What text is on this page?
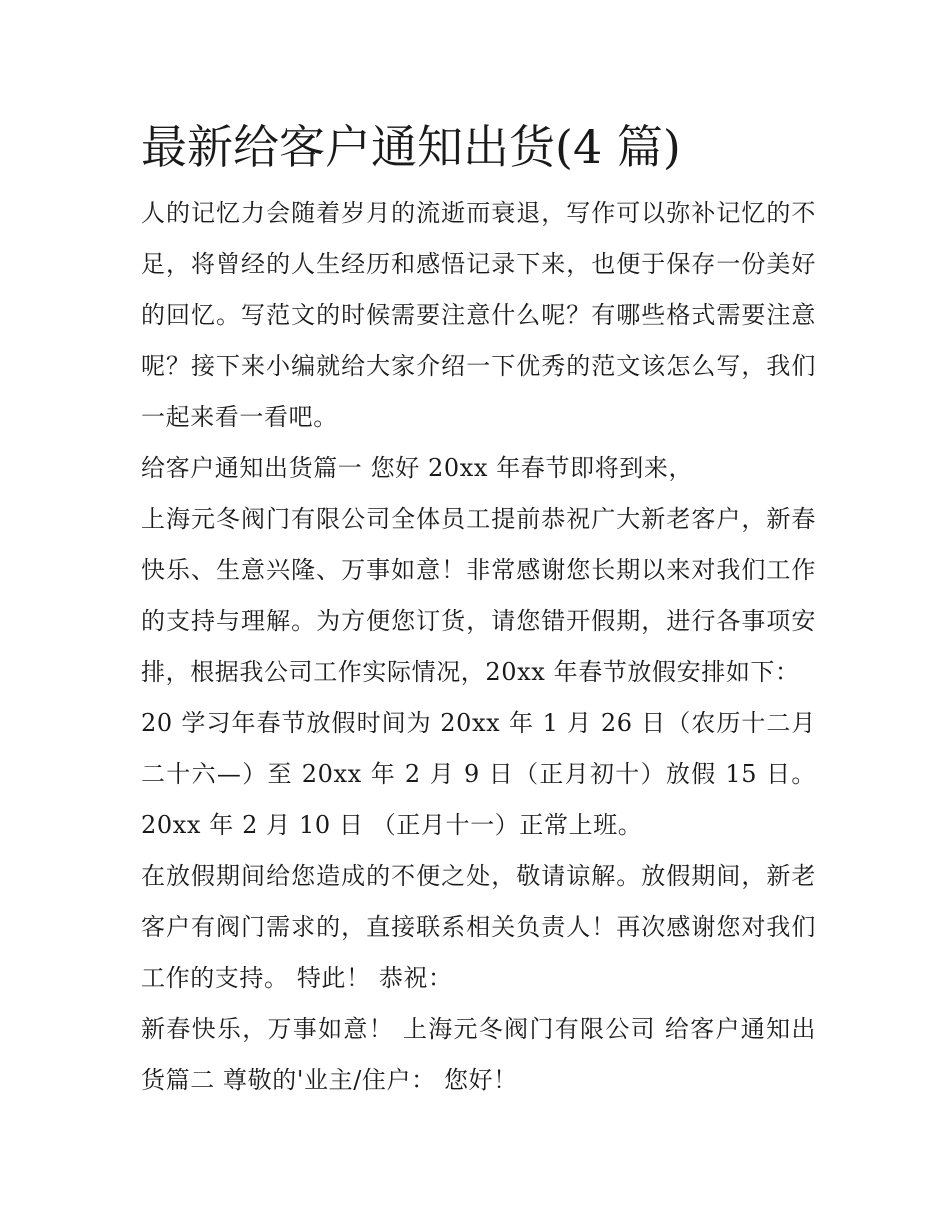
最新给客户通知出货(4 篇)

人的记忆力会随着岁月的流逝而衰退，写作可以弥补记忆的不足，将曾经的人生经历和感悟记录下来，也便于保存一份美好的回忆。写范文的时候需要注意什么呢？有哪些格式需要注意呢？接下来小编就给大家介绍一下优秀的范文该怎么写，我们一起来看一看吧。

给客户通知出货篇一 您好 20xx 年春节即将到来，

上海元冬阀门有限公司全体员工提前恭祝广大新老客户，新春快乐、生意兴隆、万事如意！非常感谢您长期以来对我们工作的支持与理解。为方便您订货，请您错开假期，进行各事项安排，根据我公司工作实际情况，20xx 年春节放假安排如下：

20 学习年春节放假时间为 20xx 年 1 月 26 日（农历十二月二十六—）至 20xx 年 2 月 9 日（正月初十）放假 15 日。20xx 年 2 月 10 日 （正月十一）正常上班。

在放假期间给您造成的不便之处，敬请谅解。放假期间，新老客户有阀门需求的，直接联系相关负责人！再次感谢您对我们工作的支持。 特此！ 恭祝：

新春快乐，万事如意！ 上海元冬阀门有限公司 给客户通知出货篇二 尊敬的'业主/住户： 您好！
